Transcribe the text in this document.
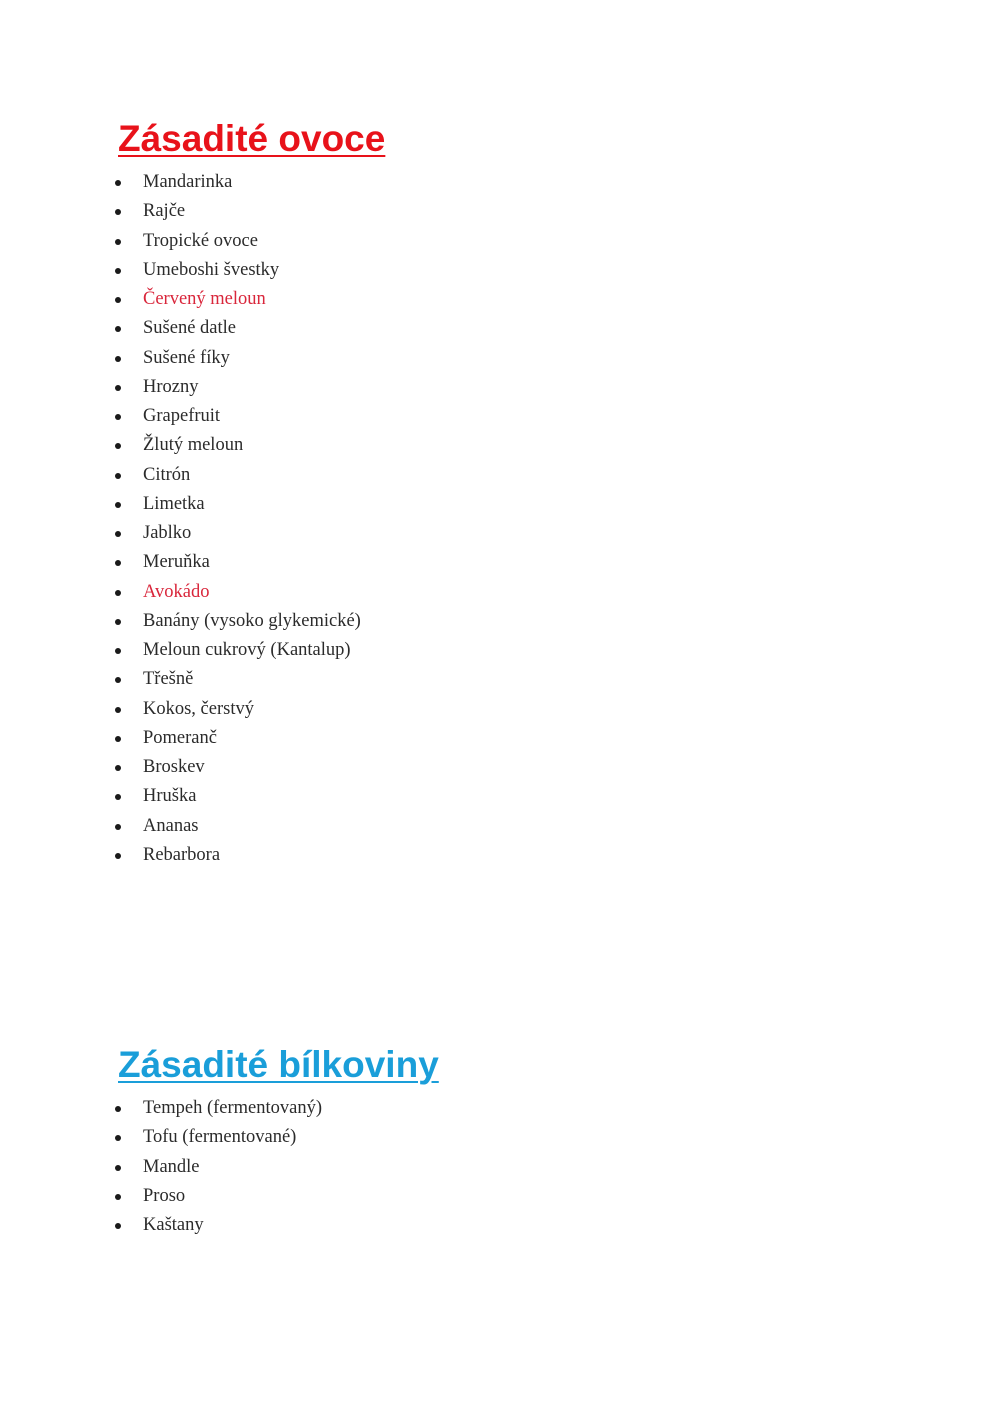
Zásadité ovoce
Mandarinka
Rajče
Tropické ovoce
Umeboshi švestky
Červený meloun
Sušené datle
Sušené fíky
Hrozny
Grapefruit
Žlutý meloun
Citrón
Limetka
Jablko
Meruňka
Avokádo
Banány (vysoko glykemické)
Meloun cukrový (Kantalup)
Třešně
Kokos, čerstvý
Pomeranč
Broskev
Hruška
Ananas
Rebarbora
Zásadité bílkoviny
Tempeh (fermentovaný)
Tofu (fermentované)
Mandle
Proso
Kaštany
